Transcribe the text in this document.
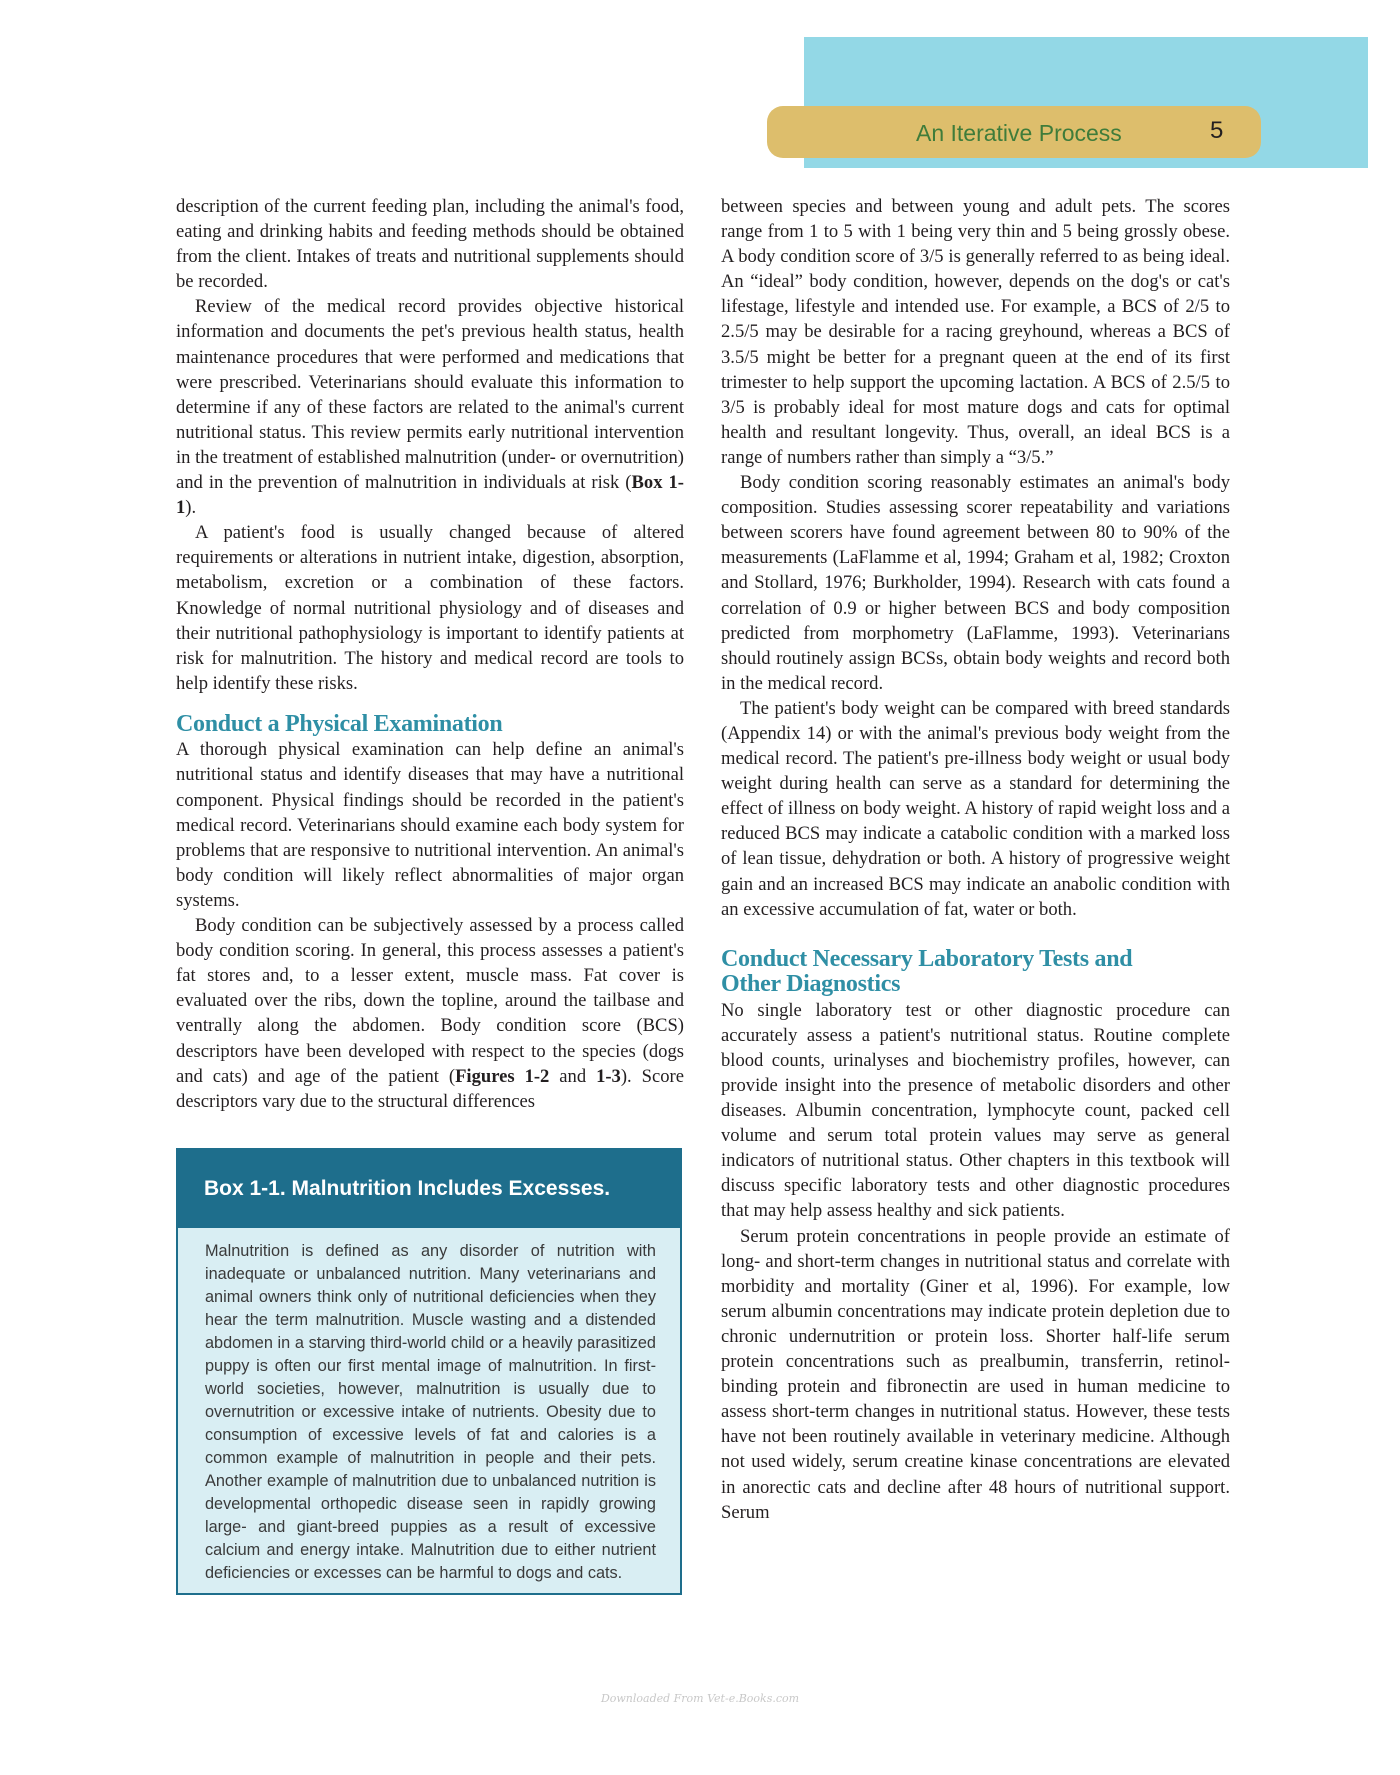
An Iterative Process	5

description of the current feeding plan, including the animal's food, eating and drinking habits and feeding methods should be obtained from the client. Intakes of treats and nutritional supplements should be recorded.

Review of the medical record provides objective historical information and documents the pet's previous health status, health maintenance procedures that were performed and medications that were prescribed. Veterinarians should evaluate this information to determine if any of these factors are related to the animal's current nutritional status. This review permits early nutritional intervention in the treatment of established malnutrition (under- or overnutrition) and in the prevention of malnutrition in individuals at risk (Box 1-1).

A patient's food is usually changed because of altered requirements or alterations in nutrient intake, digestion, absorption, metabolism, excretion or a combination of these factors. Knowledge of normal nutritional physiology and of diseases and their nutritional pathophysiology is important to identify patients at risk for malnutrition. The history and medical record are tools to help identify these risks.

Conduct a Physical Examination

A thorough physical examination can help define an animal's nutritional status and identify diseases that may have a nutritional component. Physical findings should be recorded in the patient's medical record. Veterinarians should examine each body system for problems that are responsive to nutritional intervention. An animal's body condition will likely reflect abnormalities of major organ systems.

Body condition can be subjectively assessed by a process called body condition scoring. In general, this process assesses a patient's fat stores and, to a lesser extent, muscle mass. Fat cover is evaluated over the ribs, down the topline, around the tailbase and ventrally along the abdomen. Body condition score (BCS) descriptors have been developed with respect to the species (dogs and cats) and age of the patient (Figures 1-2 and 1-3). Score descriptors vary due to the structural differences

Box 1-1. Malnutrition Includes Excesses.
Malnutrition is defined as any disorder of nutrition with inadequate or unbalanced nutrition. Many veterinarians and animal owners think only of nutritional deficiencies when they hear the term malnutrition. Muscle wasting and a distended abdomen in a starving third-world child or a heavily parasitized puppy is often our first mental image of malnutrition. In first-world societies, however, malnutrition is usually due to overnutrition or excessive intake of nutrients. Obesity due to consumption of excessive levels of fat and calories is a common example of malnutrition in people and their pets. Another example of malnutrition due to unbalanced nutrition is developmental orthopedic disease seen in rapidly growing large- and giant-breed puppies as a result of excessive calcium and energy intake. Malnutrition due to either nutrient deficiencies or excesses can be harmful to dogs and cats.

between species and between young and adult pets. The scores range from 1 to 5 with 1 being very thin and 5 being grossly obese. A body condition score of 3/5 is generally referred to as being ideal. An “ideal” body condition, however, depends on the dog's or cat's lifestage, lifestyle and intended use. For example, a BCS of 2/5 to 2.5/5 may be desirable for a racing greyhound, whereas a BCS of 3.5/5 might be better for a pregnant queen at the end of its first trimester to help support the upcoming lactation. A BCS of 2.5/5 to 3/5 is probably ideal for most mature dogs and cats for optimal health and resultant longevity. Thus, overall, an ideal BCS is a range of numbers rather than simply a “3/5.”

Body condition scoring reasonably estimates an animal's body composition. Studies assessing scorer repeatability and variations between scorers have found agreement between 80 to 90% of the measurements (LaFlamme et al, 1994; Graham et al, 1982; Croxton and Stollard, 1976; Burkholder, 1994). Research with cats found a correlation of 0.9 or higher between BCS and body composition predicted from morphometry (LaFlamme, 1993). Veterinarians should routinely assign BCSs, obtain body weights and record both in the medical record.

The patient's body weight can be compared with breed standards (Appendix 14) or with the animal's previous body weight from the medical record. The patient's pre-illness body weight or usual body weight during health can serve as a standard for determining the effect of illness on body weight. A history of rapid weight loss and a reduced BCS may indicate a catabolic condition with a marked loss of lean tissue, dehydration or both. A history of progressive weight gain and an increased BCS may indicate an anabolic condition with an excessive accumulation of fat, water or both.

Conduct Necessary Laboratory Tests and
Other Diagnostics

No single laboratory test or other diagnostic procedure can accurately assess a patient's nutritional status. Routine complete blood counts, urinalyses and biochemistry profiles, however, can provide insight into the presence of metabolic disorders and other diseases. Albumin concentration, lymphocyte count, packed cell volume and serum total protein values may serve as general indicators of nutritional status. Other chapters in this textbook will discuss specific laboratory tests and other diagnostic procedures that may help assess healthy and sick patients.

Serum protein concentrations in people provide an estimate of long- and short-term changes in nutritional status and correlate with morbidity and mortality (Giner et al, 1996). For example, low serum albumin concentrations may indicate protein depletion due to chronic undernutrition or protein loss. Shorter half-life serum protein concentrations such as prealbumin, transferrin, retinol-binding protein and fibronectin are used in human medicine to assess short-term changes in nutritional status. However, these tests have not been routinely available in veterinary medicine. Although not used widely, serum creatine kinase concentrations are elevated in anorectic cats and decline after 48 hours of nutritional support. Serum

Downloaded From Vet-e.Books.com
